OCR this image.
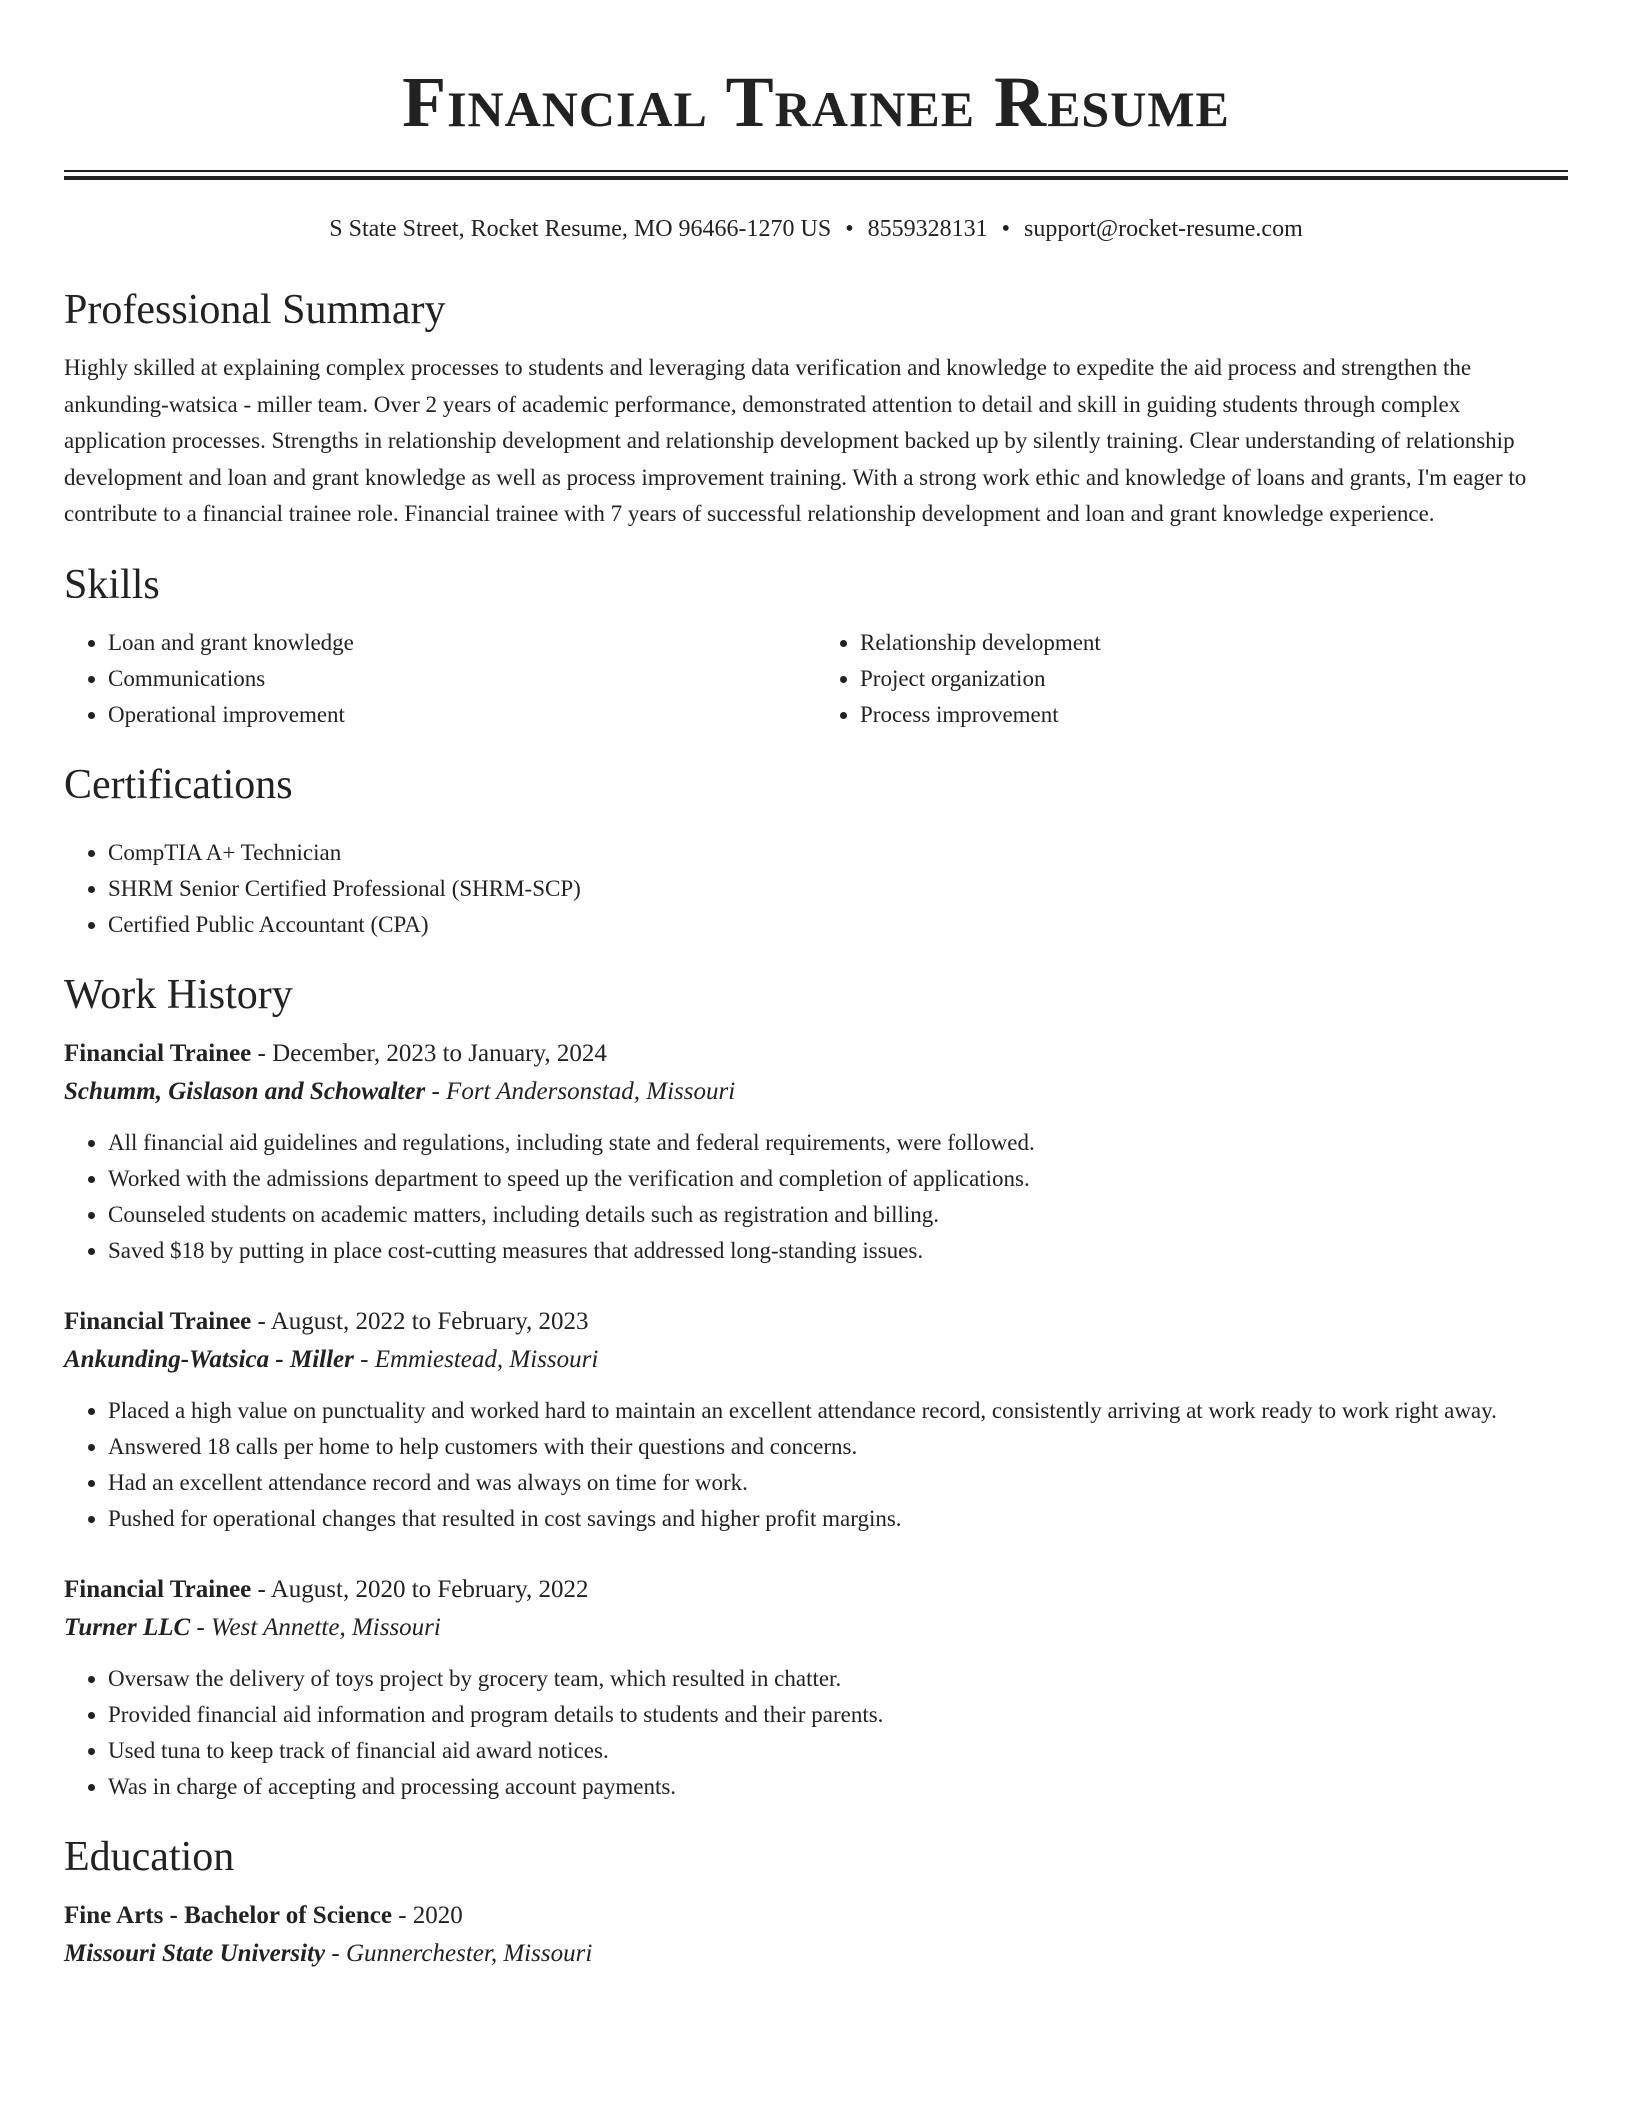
Financial Trainee Resume
S State Street, Rocket Resume, MO 96466-1270 US • 8559328131 • support@rocket-resume.com
Professional Summary

Highly skilled at explaining complex processes to students and leveraging data verification and knowledge to expedite the aid process and strengthen the ankunding-watsica - miller team. Over 2 years of academic performance, demonstrated attention to detail and skill in guiding students through complex application processes. Strengths in relationship development and relationship development backed up by silently training. Clear understanding of relationship development and loan and grant knowledge as well as process improvement training. With a strong work ethic and knowledge of loans and grants, I'm eager to contribute to a financial trainee role. Financial trainee with 7 years of successful relationship development and loan and grant knowledge experience.

Skills
• Loan and grant knowledge
• Communications
• Operational improvement
• Relationship development
• Project organization
• Process improvement
Certifications
• CompTIA A+ Technician
• SHRM Senior Certified Professional (SHRM-SCP)
• Certified Public Accountant (CPA)
Work History
Financial Trainee - December, 2023 to January, 2024
Schumm, Gislason and Schowalter - Fort Andersonstad, Missouri
• All financial aid guidelines and regulations, including state and federal requirements, were followed.
• Worked with the admissions department to speed up the verification and completion of applications.
• Counseled students on academic matters, including details such as registration and billing.
• Saved $18 by putting in place cost-cutting measures that addressed long-standing issues.
Financial Trainee - August, 2022 to February, 2023
Ankunding-Watsica - Miller - Emmiestead, Missouri
• Placed a high value on punctuality and worked hard to maintain an excellent attendance record, consistently arriving at work ready to work right away.
• Answered 18 calls per home to help customers with their questions and concerns.
• Had an excellent attendance record and was always on time for work.
• Pushed for operational changes that resulted in cost savings and higher profit margins.
Financial Trainee - August, 2020 to February, 2022
Turner LLC - West Annette, Missouri
• Oversaw the delivery of toys project by grocery team, which resulted in chatter.
• Provided financial aid information and program details to students and their parents.
• Used tuna to keep track of financial aid award notices.
• Was in charge of accepting and processing account payments.
Education
Fine Arts - Bachelor of Science - 2020
Missouri State University - Gunnerchester, Missouri
